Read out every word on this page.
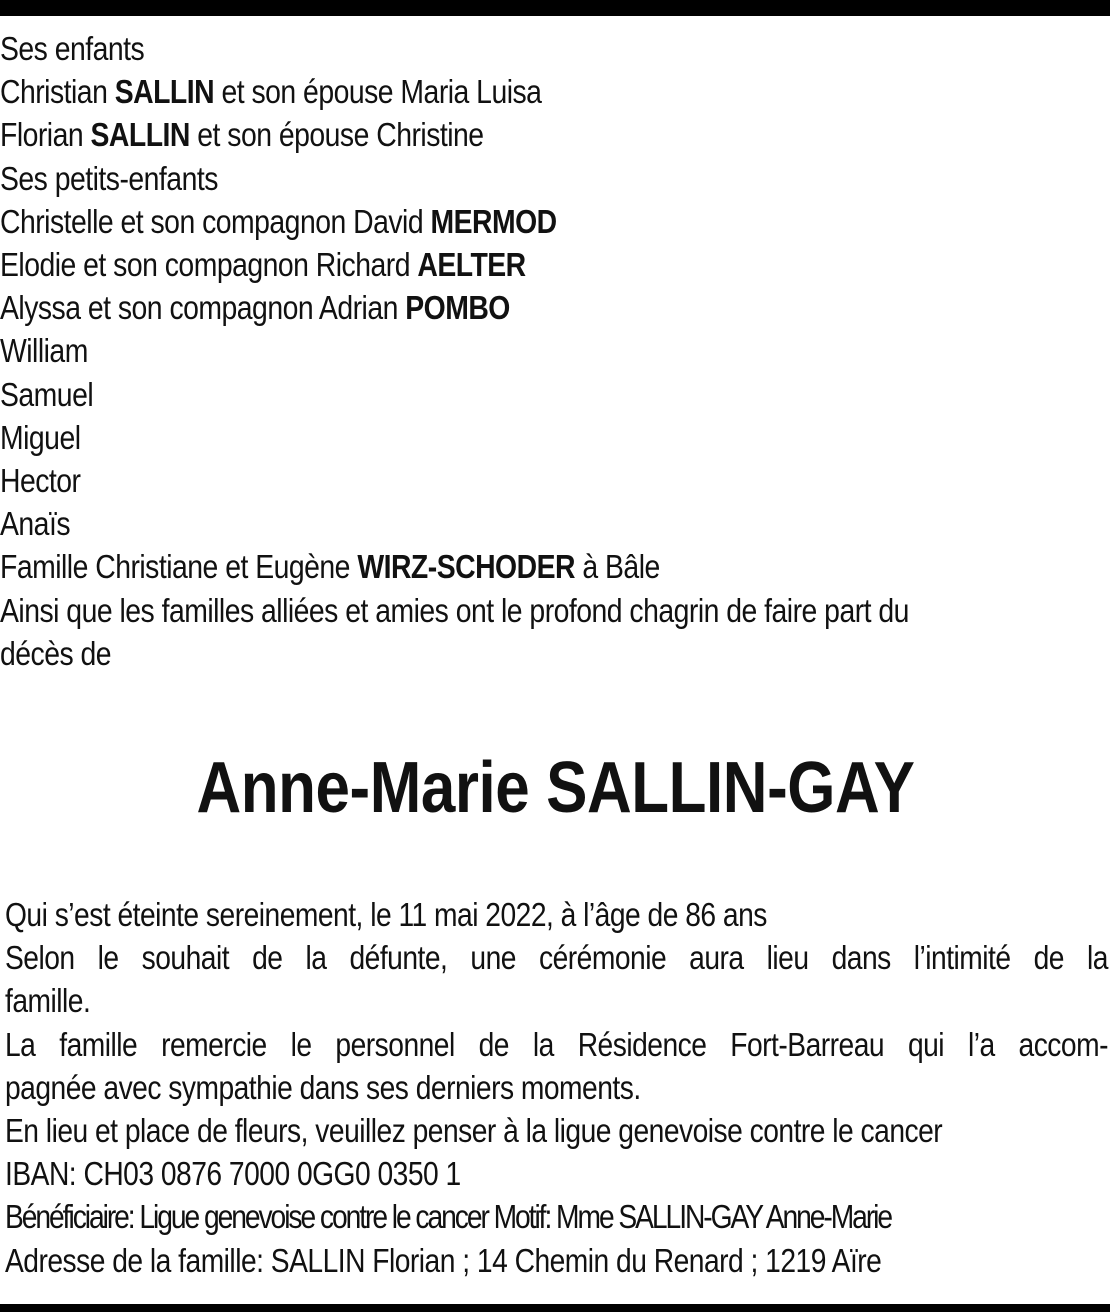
Ses enfants
Christian SALLIN et son épouse Maria Luisa
Florian SALLIN et son épouse Christine
Ses petits-enfants
Christelle et son compagnon David MERMOD
Elodie et son compagnon Richard AELTER
Alyssa et son compagnon Adrian POMBO
William
Samuel
Miguel
Hector
Anaïs
Famille Christiane et Eugène WIRZ-SCHODER à Bâle
Ainsi que les familles alliées et amies ont le profond chagrin de faire part du
décès de
Anne-Marie SALLIN-GAY
Qui s’est éteinte sereinement, le 11 mai 2022, à l’âge de 86 ans
Selon le souhait de la défunte, une cérémonie aura lieu dans l’intimité de la
famille.
La famille remercie le personnel de la Résidence Fort-Barreau qui l’a accom-
pagnée avec sympathie dans ses derniers moments.
En lieu et place de fleurs, veuillez penser à la ligue genevoise contre le cancer
IBAN: CH03 0876 7000 0GG0 0350 1
Bénéficiaire: Ligue genevoise contre le cancer Motif: Mme SALLIN-GAY Anne-Marie
Adresse de la famille: SALLIN Florian ; 14 Chemin du Renard ; 1219 Aïre
